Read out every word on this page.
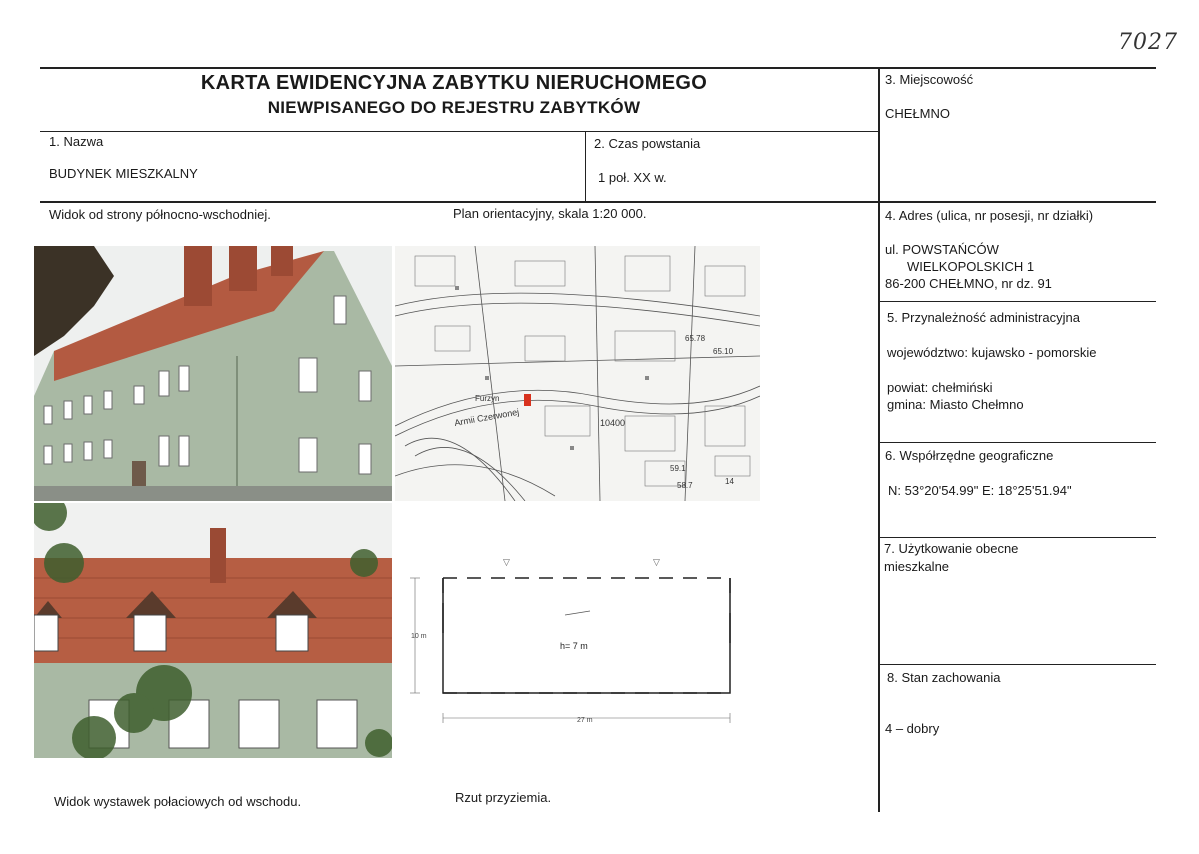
7027
KARTA EWIDENCYJNA ZABYTKU NIERUCHOMEGO
NIEWPISANEGO DO REJESTRU ZABYTKÓW
1. Nazwa
BUDYNEK MIESZKALNY
2. Czas powstania
1 poł. XX w.
3. Miejscowość
CHEŁMNO
4. Adres (ulica, nr posesji, nr działki)
ul. POWSTAŃCÓW
WIELKOPOLSKICH 1
86-200 CHEŁMNO, nr dz. 91
5. Przynależność administracyjna
województwo: kujawsko - pomorskie
powiat: chełmiński
gmina: Miasto Chełmno
6. Współrzędne geograficzne
N: 53°20'54.99" E: 18°25'51.94"
7. Użytkowanie obecne
mieszkalne
8. Stan zachowania
4 – dobry
Widok od strony północno-wschodniej.	Plan orientacyjny, skala 1:20 000.
Armii Czerwonej
Furzyn
10400
65.78
65.10
59.1
58.7	14
▽	▽
h= 7 m
27 m
10 m
Widok wystawek połaciowych od wschodu.	Rzut przyziemia.
